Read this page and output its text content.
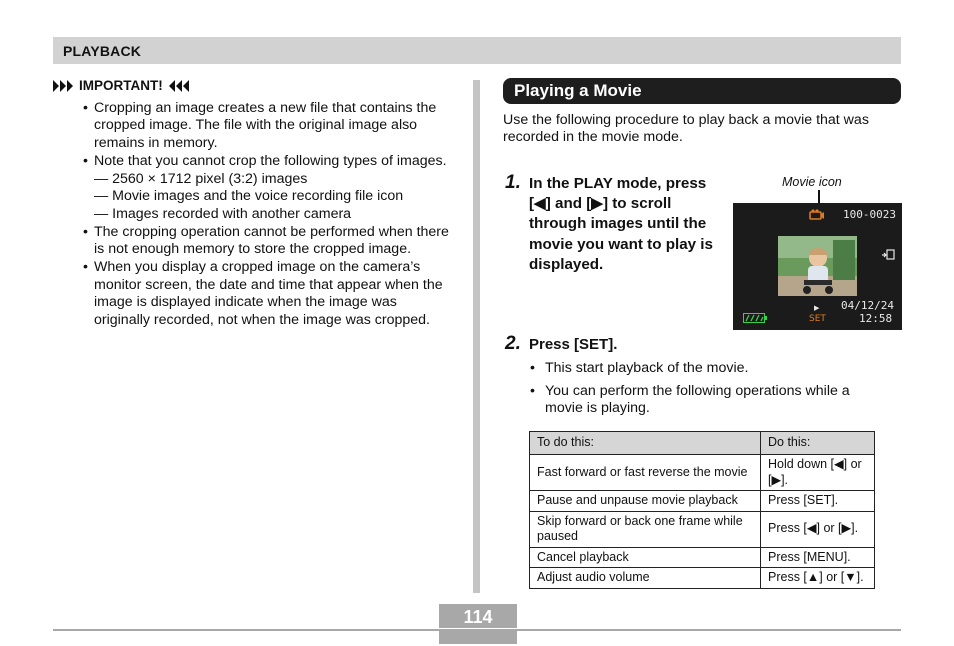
PLAYBACK
IMPORTANT!
• Cropping an image creates a new file that contains the cropped image. The file with the original image also remains in memory.
• Note that you cannot crop the following types of images.
— 2560 × 1712 pixel (3:2) images
— Movie images and the voice recording file icon
— Images recorded with another camera
• The cropping operation cannot be performed when there is not enough memory to store the cropped image.
• When you display a cropped image on the camera’s monitor screen, the date and time that appear when the image is displayed indicate when the image was originally recorded, not when the image was cropped.
Playing a Movie
Use the following procedure to play back a movie that was recorded in the movie mode.
1. In the PLAY mode, press [◀] and [▶] to scroll through images until the movie you want to play is displayed.
Movie icon
100-0023
▶ 04/12/24
12:58
SET
2. Press [SET].
• This start playback of the movie.
• You can perform the following operations while a movie is playing.
To do this:	Do this:
Fast forward or fast reverse the movie	Hold down [◀] or [▶].
Pause and unpause movie playback	Press [SET].
Skip forward or back one frame while paused	Press [◀] or [▶].
Cancel playback	Press [MENU].
Adjust audio volume	Press [▲] or [▼].
114
